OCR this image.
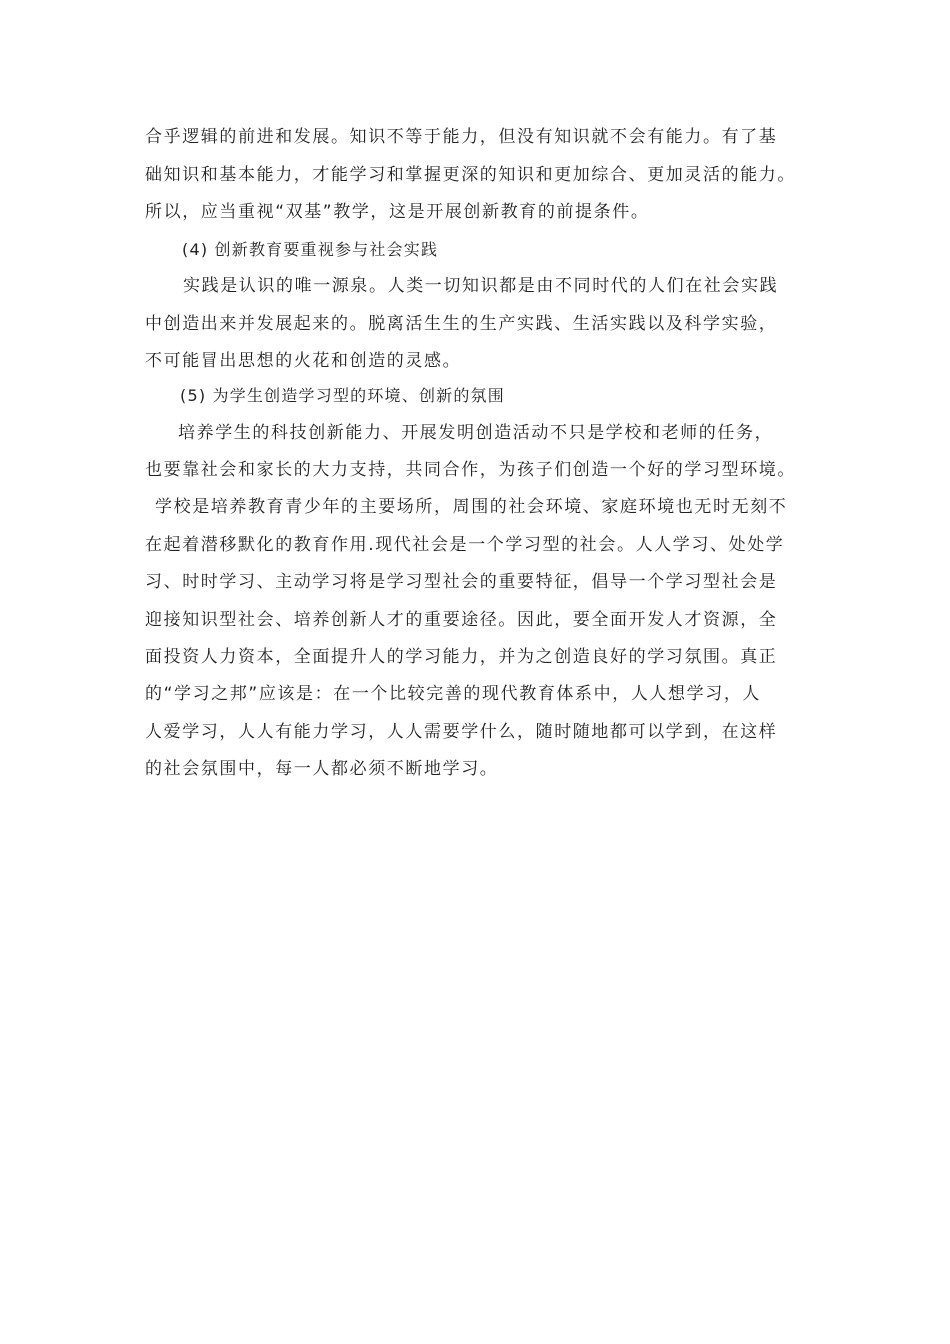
合乎逻辑的前进和发展。知识不等于能力，但没有知识就不会有能力。有了基
础知识和基本能力，才能学习和掌握更深的知识和更加综合、更加灵活的能力。
所以，应当重视“双基”教学，这是开展创新教育的前提条件。
(4) 创新教育要重视参与社会实践
实践是认识的唯一源泉。人类一切知识都是由不同时代的人们在社会实践
中创造出来并发展起来的。脱离活生生的生产实践、生活实践以及科学实验，
不可能冒出思想的火花和创造的灵感。
(5) 为学生创造学习型的环境、创新的氛围
培养学生的科技创新能力、开展发明创造活动不只是学校和老师的任务，
也要靠社会和家长的大力支持，共同合作，为孩子们创造一个好的学习型环境。
学校是培养教育青少年的主要场所，周围的社会环境、家庭环境也无时无刻不
在起着潜移默化的教育作用.现代社会是一个学习型的社会。人人学习、处处学
习、时时学习、主动学习将是学习型社会的重要特征，倡导一个学习型社会是
迎接知识型社会、培养创新人才的重要途径。因此，要全面开发人才资源，全
面投资人力资本，全面提升人的学习能力，并为之创造良好的学习氛围。真正
的“学习之邦”应该是：在一个比较完善的现代教育体系中，人人想学习，人
人爱学习，人人有能力学习，人人需要学什么，随时随地都可以学到，在这样
的社会氛围中，每一人都必须不断地学习。
